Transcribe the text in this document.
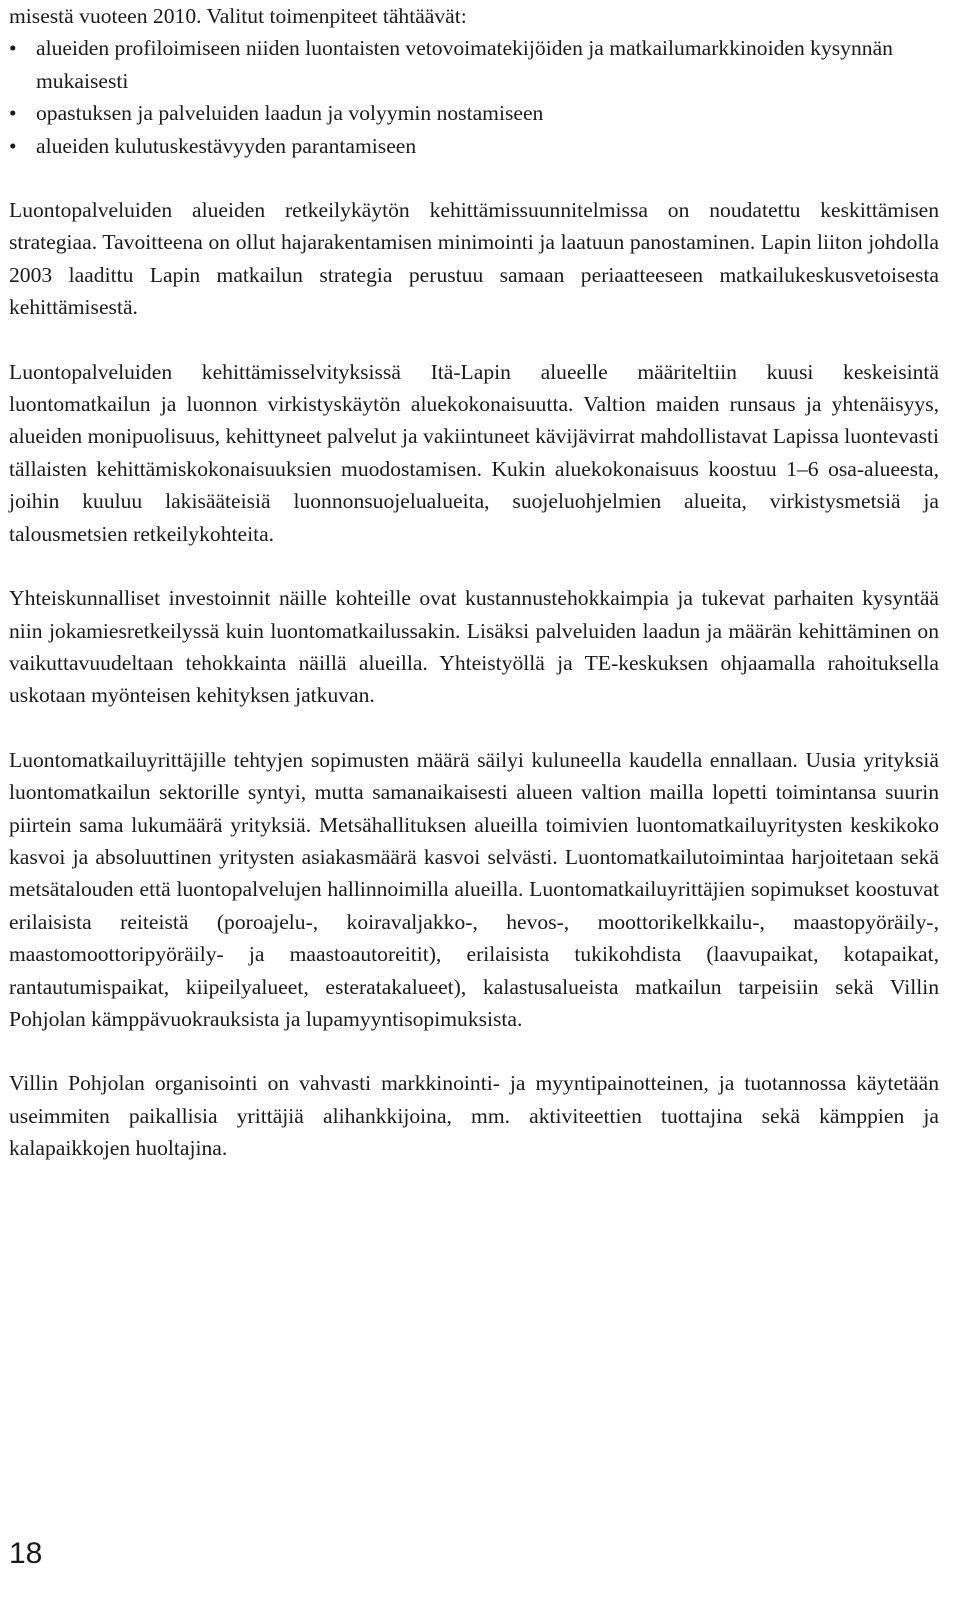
misestä vuoteen 2010. Valitut toimenpiteet tähtäävät:

• alueiden profiloimiseen niiden luontaisten vetovoimatekijöiden ja matkailumarkkinoiden kysynnän mukaisesti
• opastuksen ja palveluiden laadun ja volyymin nostamiseen
• alueiden kulutuskestävyyden parantamiseen

Luontopalveluiden alueiden retkeilykäytön kehittämissuunnitelmissa on noudatettu keskittämisen strategiaa. Tavoitteena on ollut hajarakentamisen minimointi ja laatuun panostaminen. Lapin liiton johdolla 2003 laadittu Lapin matkailun strategia perustuu samaan periaatteeseen matkailukeskusvetoisesta kehittämisestä.

Luontopalveluiden kehittämisselvityksissä Itä-Lapin alueelle määriteltiin kuusi keskeisintä luontomatkailun ja luonnon virkistyskäytön aluekokonaisuutta. Valtion maiden runsaus ja yhtenäisyys, alueiden monipuolisuus, kehittyneet palvelut ja vakiintuneet kävijävirrat mahdollistavat Lapissa luontevasti tällaisten kehittämiskokonaisuuksien muodostamisen. Kukin aluekokonaisuus koostuu 1–6 osa-alueesta, joihin kuuluu lakisääteisiä luonnonsuojelualueita, suojeluohjelmien alueita, virkistysmetsiä ja talousmetsien retkeilykohteita.

Yhteiskunnalliset investoinnit näille kohteille ovat kustannustehokkaimpia ja tukevat parhaiten kysyntää niin jokamiesretkeilyssä kuin luontomatkailussakin. Lisäksi palveluiden laadun ja määrän kehittäminen on vaikuttavuudeltaan tehokkainta näillä alueilla. Yhteistyöllä ja TE-keskuksen ohjaamalla rahoituksella uskotaan myönteisen kehityksen jatkuvan.

Luontomatkailuyrittäjille tehtyjen sopimusten määrä säilyi kuluneella kaudella ennallaan. Uusia yrityksiä luontomatkailun sektorille syntyi, mutta samanaikaisesti alueen valtion mailla lopetti toimintansa suurin piirtein sama lukumäärä yrityksiä. Metsähallituksen alueilla toimivien luontomatkailuyritysten keskikoko kasvoi ja absoluuttinen yritysten asiakasmäärä kasvoi selvästi. Luontomatkailutoimintaa harjoitetaan sekä metsätalouden että luontopalvelujen hallinnoimilla alueilla. Luontomatkailuyrittäjien sopimukset koostuvat erilaisista reiteistä (poroajelu-, koiravaljakko-, hevos-, moottorikelkkailu-, maastopyöräily-, maastomoottoripyöräily- ja maastoautoreitit), erilaisista tukikohdista (laavupaikat, kotapaikat, rantautumispaikat, kiipeilyalueet, esteratakalueet), kalastusalueista matkailun tarpeisiin sekä Villin Pohjolan kämppävuokrauksista ja lupamyyntisopimuksista.

Villin Pohjolan organisointi on vahvasti markkinointi- ja myyntipainotteinen, ja tuotannossa käytetään useimmiten paikallisia yrittäjiä alihankkijoina, mm. aktiviteettien tuottajina sekä kämppien ja kalapaikkojen huoltajina.

18
